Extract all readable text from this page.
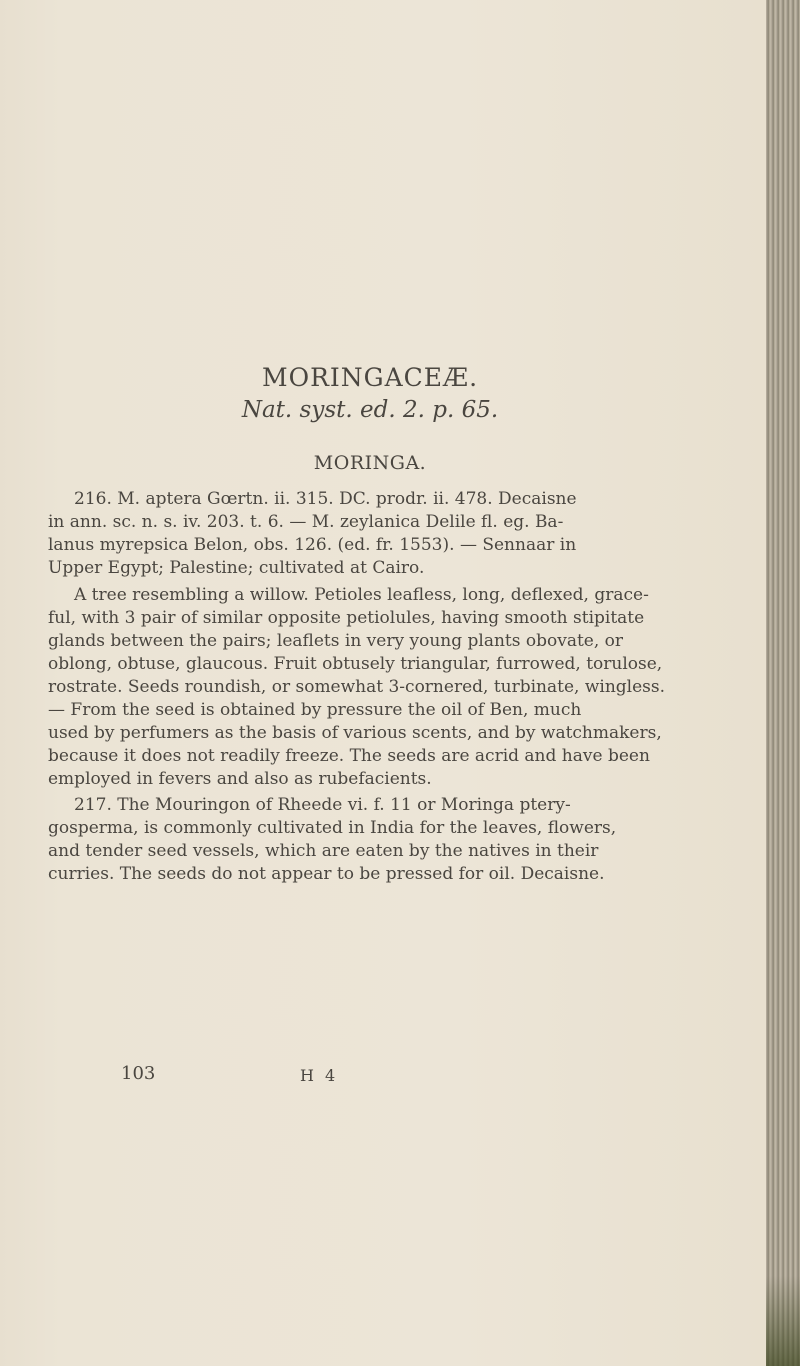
MORINGACEÆ.
Nat. syst. ed. 2. p. 65.
MORINGA.
216. M. aptera Gœrtn. ii. 315. DC. prodr. ii. 478. Decaisne
in ann. sc. n. s. iv. 203. t. 6. — M. zeylanica Delile fl. eg. Ba-
lanus myrepsica Belon, obs. 126. (ed. fr. 1553). — Sennaar in
Upper Egypt; Palestine; cultivated at Cairo.
A tree resembling a willow. Petioles leafless, long, deflexed, grace-
ful, with 3 pair of similar opposite petiolules, having smooth stipitate
glands between the pairs; leaflets in very young plants obovate, or
oblong, obtuse, glaucous. Fruit obtusely triangular, furrowed, torulose,
rostrate. Seeds roundish, or somewhat 3-cornered, turbinate, wingless.
— From the seed is obtained by pressure the oil of Ben, much
used by perfumers as the basis of various scents, and by watchmakers,
because it does not readily freeze. The seeds are acrid and have been
employed in fevers and also as rubefacients.
217. The Mouringon of Rheede vi. f. 11 or Moringa ptery-
gosperma, is commonly cultivated in India for the leaves, flowers,
and tender seed vessels, which are eaten by the natives in their
curries. The seeds do not appear to be pressed for oil. Decaisne.
103	H 4
